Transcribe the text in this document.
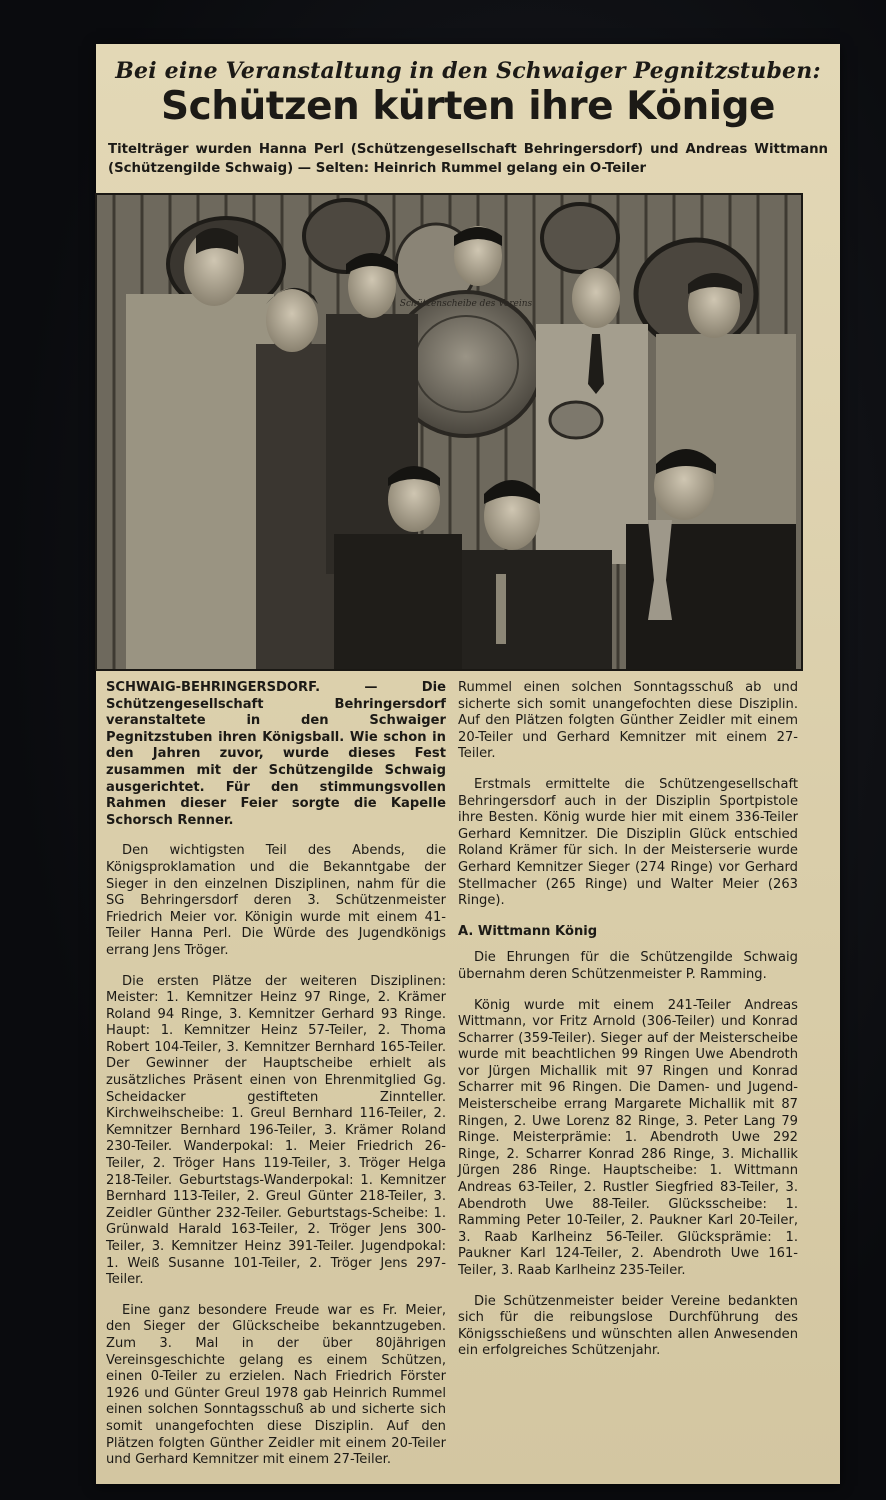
Bei eine Veranstaltung in den Schwaiger Pegnitzstuben:
Schützen kürten ihre Könige
Titelträger wurden Hanna Perl (Schützengesellschaft Behringersdorf) und Andreas Wittmann (Schützengilde Schwaig) — Selten: Heinrich Rummel gelang ein O-Teiler
Schützenscheibe des Vereins

SCHWAIG-BEHRINGERSDORF. —	Die Schützengesellschaft Behringersdorf veranstaltete in den Schwaiger Pegnitzstuben ihren Königsball. Wie schon in den Jahren zuvor, wurde dieses Fest zusammen mit der Schützengilde Schwaig ausgerichtet. Für den stimmungsvollen Rahmen dieser Feier sorgte die Kapelle Schorsch Renner.

Den wichtigsten Teil des Abends, die Königsproklamation und die Bekanntgabe der Sieger in den einzelnen Disziplinen, nahm für die SG Behringersdorf deren 3. Schützenmeister Friedrich Meier vor. Königin wurde mit einem 41-Teiler Hanna Perl. Die Würde des Jugendkönigs errang Jens Tröger.

Die ersten Plätze der weiteren Disziplinen: Meister: 1. Kemnitzer Heinz 97 Ringe, 2. Krämer Roland 94 Ringe, 3. Kemnitzer Gerhard 93 Ringe. Haupt: 1. Kemnitzer Heinz 57-Teiler, 2. Thoma Robert 104-Teiler, 3. Kemnitzer Bernhard 165-Teiler. Der Gewinner der Hauptscheibe erhielt als zusätzliches Präsent einen von Ehrenmitglied Gg. Scheidacker gestifteten Zinnteller. Kirchweihscheibe: 1. Greul Bernhard 116-Teiler, 2. Kemnitzer Bernhard 196-Teiler, 3. Krämer Roland 230-Teiler. Wanderpokal: 1. Meier Friedrich 26-Teiler, 2. Tröger Hans 119-Teiler, 3. Tröger Helga 218-Teiler. Geburtstags-Wanderpokal: 1. Kemnitzer Bernhard 113-Teiler, 2. Greul Günter 218-Teiler, 3. Zeidler Günther 232-Teiler. Geburtstags-Scheibe: 1. Grünwald Harald 163-Teiler, 2. Tröger Jens 300-Teiler, 3. Kemnitzer Heinz 391-Teiler. Jugendpokal: 1. Weiß Susanne 101-Teiler, 2. Tröger Jens 297-Teiler.

Eine ganz besondere Freude war es Fr. Meier, den Sieger der Glückscheibe bekanntzugeben. Zum 3. Mal in der über 80jährigen Vereinsgeschichte gelang es einem Schützen, einen 0-Teiler zu erzielen. Nach Friedrich Förster 1926 und Günter Greul 1978 gab Heinrich Rummel einen solchen Sonntagsschuß ab und sicherte sich somit unangefochten diese Disziplin. Auf den Plätzen folgten Günther Zeidler mit einem 20-Teiler und Gerhard Kemnitzer mit einem 27-Teiler.

Rummel einen solchen Sonntagsschuß ab und sicherte sich somit unangefochten diese Disziplin. Auf den Plätzen folgten Günther Zeidler mit einem 20-Teiler und Gerhard Kemnitzer mit einem 27-Teiler.

Erstmals ermittelte die Schützengesellschaft Behringersdorf auch in der Disziplin Sportpistole ihre Besten. König wurde hier mit einem 336-Teiler Gerhard Kemnitzer. Die Disziplin Glück entschied Roland Krämer für sich. In der Meisterserie wurde Gerhard Kemnitzer Sieger (274 Ringe) vor Gerhard Stellmacher (265 Ringe) und Walter Meier (263 Ringe).

A. Wittmann König

Die Ehrungen für die Schützengilde Schwaig übernahm deren Schützenmeister P. Ramming.

König wurde mit einem 241-Teiler Andreas Wittmann, vor Fritz Arnold (306-Teiler) und Konrad Scharrer (359-Teiler). Sieger auf der Meisterscheibe wurde mit beachtlichen 99 Ringen Uwe Abendroth vor Jürgen Michallik mit 97 Ringen und Konrad Scharrer mit 96 Ringen. Die Damen- und Jugend-Meisterscheibe errang Margarete Michallik mit 87 Ringen, 2. Uwe Lorenz 82 Ringe, 3. Peter Lang 79 Ringe. Meisterprämie: 1. Abendroth Uwe 292 Ringe, 2. Scharrer Konrad 286 Ringe, 3. Michallik Jürgen 286 Ringe. Hauptscheibe: 1. Wittmann Andreas 63-Teiler, 2. Rustler Siegfried 83-Teiler, 3. Abendroth Uwe 88-Teiler. Glücksscheibe: 1. Ramming Peter 10-Teiler, 2. Paukner Karl 20-Teiler, 3. Raab Karlheinz 56-Teiler. Glücksprämie: 1. Paukner Karl 124-Teiler, 2. Abendroth Uwe 161-Teiler, 3. Raab Karlheinz 235-Teiler.

Die Schützenmeister beider Vereine bedankten sich für die reibungslose Durchführung des Königsschießens und wünschten allen Anwesenden ein erfolgreiches Schützenjahr.
